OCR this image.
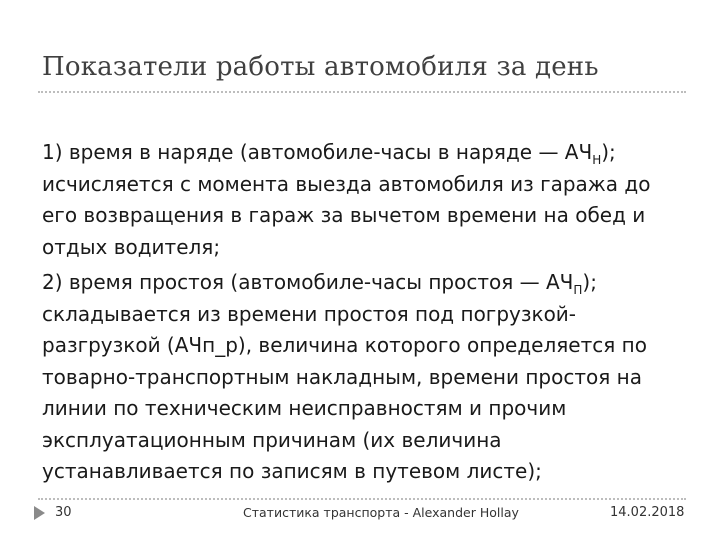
Показатели работы автомобиля за день

1) время в наряде (автомобиле-часы в наряде — $АЧ_Н$); исчисляется с момента выезда автомобиля из гаража до его возвращения в гараж за вычетом времени на обед и отдых водителя;

2) время простоя (автомобиле-часы простоя — $АЧ_П$); складывается из времени простоя под погрузкой-разгрузкой (АЧп_р), величина которого определяется по товарно-транспортным накладным, времени простоя на линии по техническим неисправностям и прочим эксплуатационным причинам (их величина устанавливается по записям в путевом листе);

30	Статистика транспорта - Alexander Hollay	14.02.2018
